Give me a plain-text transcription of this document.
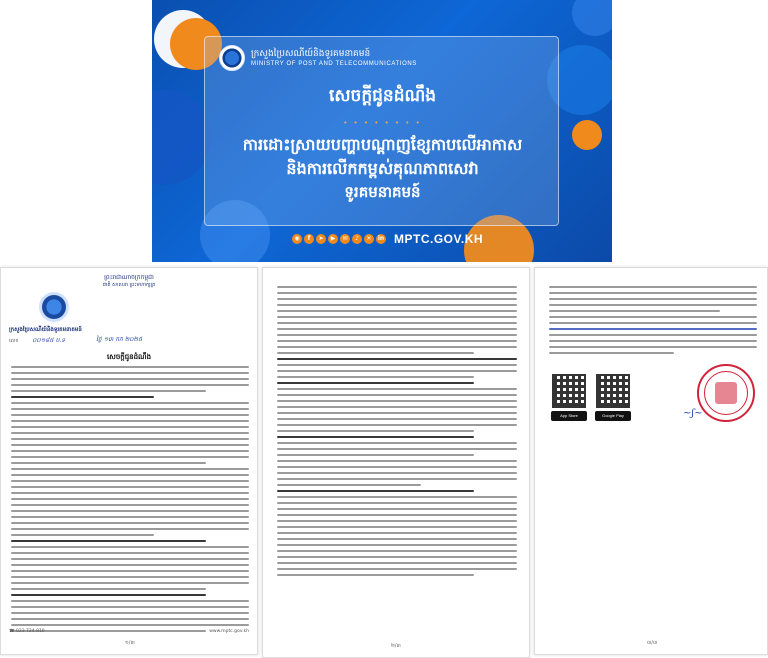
ក្រសួងប្រៃសណីយ៍និងទូរគមនាគមន៍
MINISTRY OF POST AND TELECOMMUNICATIONS
សេចក្តីជូនដំណឹង
• • • • • • • •
ការដោះស្រាយបញ្ហាបណ្តាញខ្សែកាបលើអាកាស
និងការលើកកម្ពស់គុណភាពសេវា
ទូរគមនាគមន៍
◉	f	➤	▶	✉	♪	✕	in MPTC.GOV.KH
ព្រះរាជាណាចក្រកម្ពុជា
ជាតិ សាសនា ព្រះមហាក្សត្រ
ក្រសួងប្រៃសណីយ៍និងទូរគមនាគមន៍
លេខ ០០១៨៥ ប.ទ	ថ្ងៃ ១៣ កក ២០២៥
សេចក្តីជូនដំណឹង
☎ 023 724 810	www.mptc.gov.kh
១/៣	២/៣
App Store	Google Play	~ʃ~
៣/៣
